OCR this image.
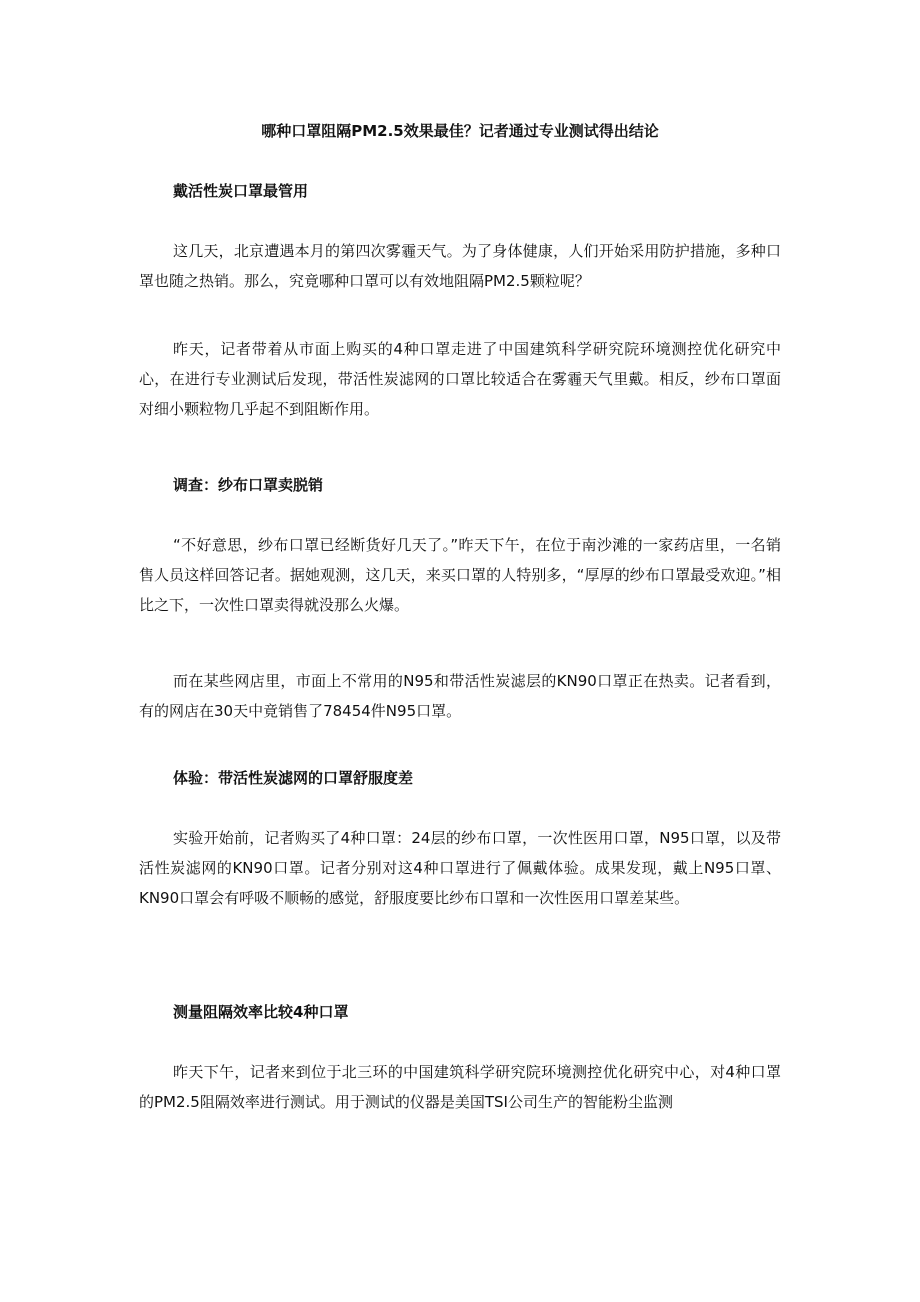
哪种口罩阻隔PM2.5效果最佳？记者通过专业测试得出结论
戴活性炭口罩最管用

这几天，北京遭遇本月的第四次雾霾天气。为了身体健康，人们开始采用防护措施，多种口罩也随之热销。那么，究竟哪种口罩可以有效地阻隔PM2.5颗粒呢？

昨天，记者带着从市面上购买的4种口罩走进了中国建筑科学研究院环境测控优化研究中心，在进行专业测试后发现，带活性炭滤网的口罩比较适合在雾霾天气里戴。相反，纱布口罩面对细小颗粒物几乎起不到阻断作用。

调查：纱布口罩卖脱销

“不好意思，纱布口罩已经断货好几天了。”昨天下午，在位于南沙滩的一家药店里，一名销售人员这样回答记者。据她观测，这几天，来买口罩的人特别多，“厚厚的纱布口罩最受欢迎。”相比之下，一次性口罩卖得就没那么火爆。

而在某些网店里，市面上不常用的N95和带活性炭滤层的KN90口罩正在热卖。记者看到，有的网店在30天中竟销售了78454件N95口罩。

体验：带活性炭滤网的口罩舒服度差

实验开始前，记者购买了4种口罩：24层的纱布口罩，一次性医用口罩，N95口罩，以及带活性炭滤网的KN90口罩。记者分别对这4种口罩进行了佩戴体验。成果发现，戴上N95口罩、KN90口罩会有呼吸不顺畅的感觉，舒服度要比纱布口罩和一次性医用口罩差某些。

测量阻隔效率比较4种口罩

昨天下午，记者来到位于北三环的中国建筑科学研究院环境测控优化研究中心，对4种口罩的PM2.5阻隔效率进行测试。用于测试的仪器是美国TSI公司生产的智能粉尘监测
